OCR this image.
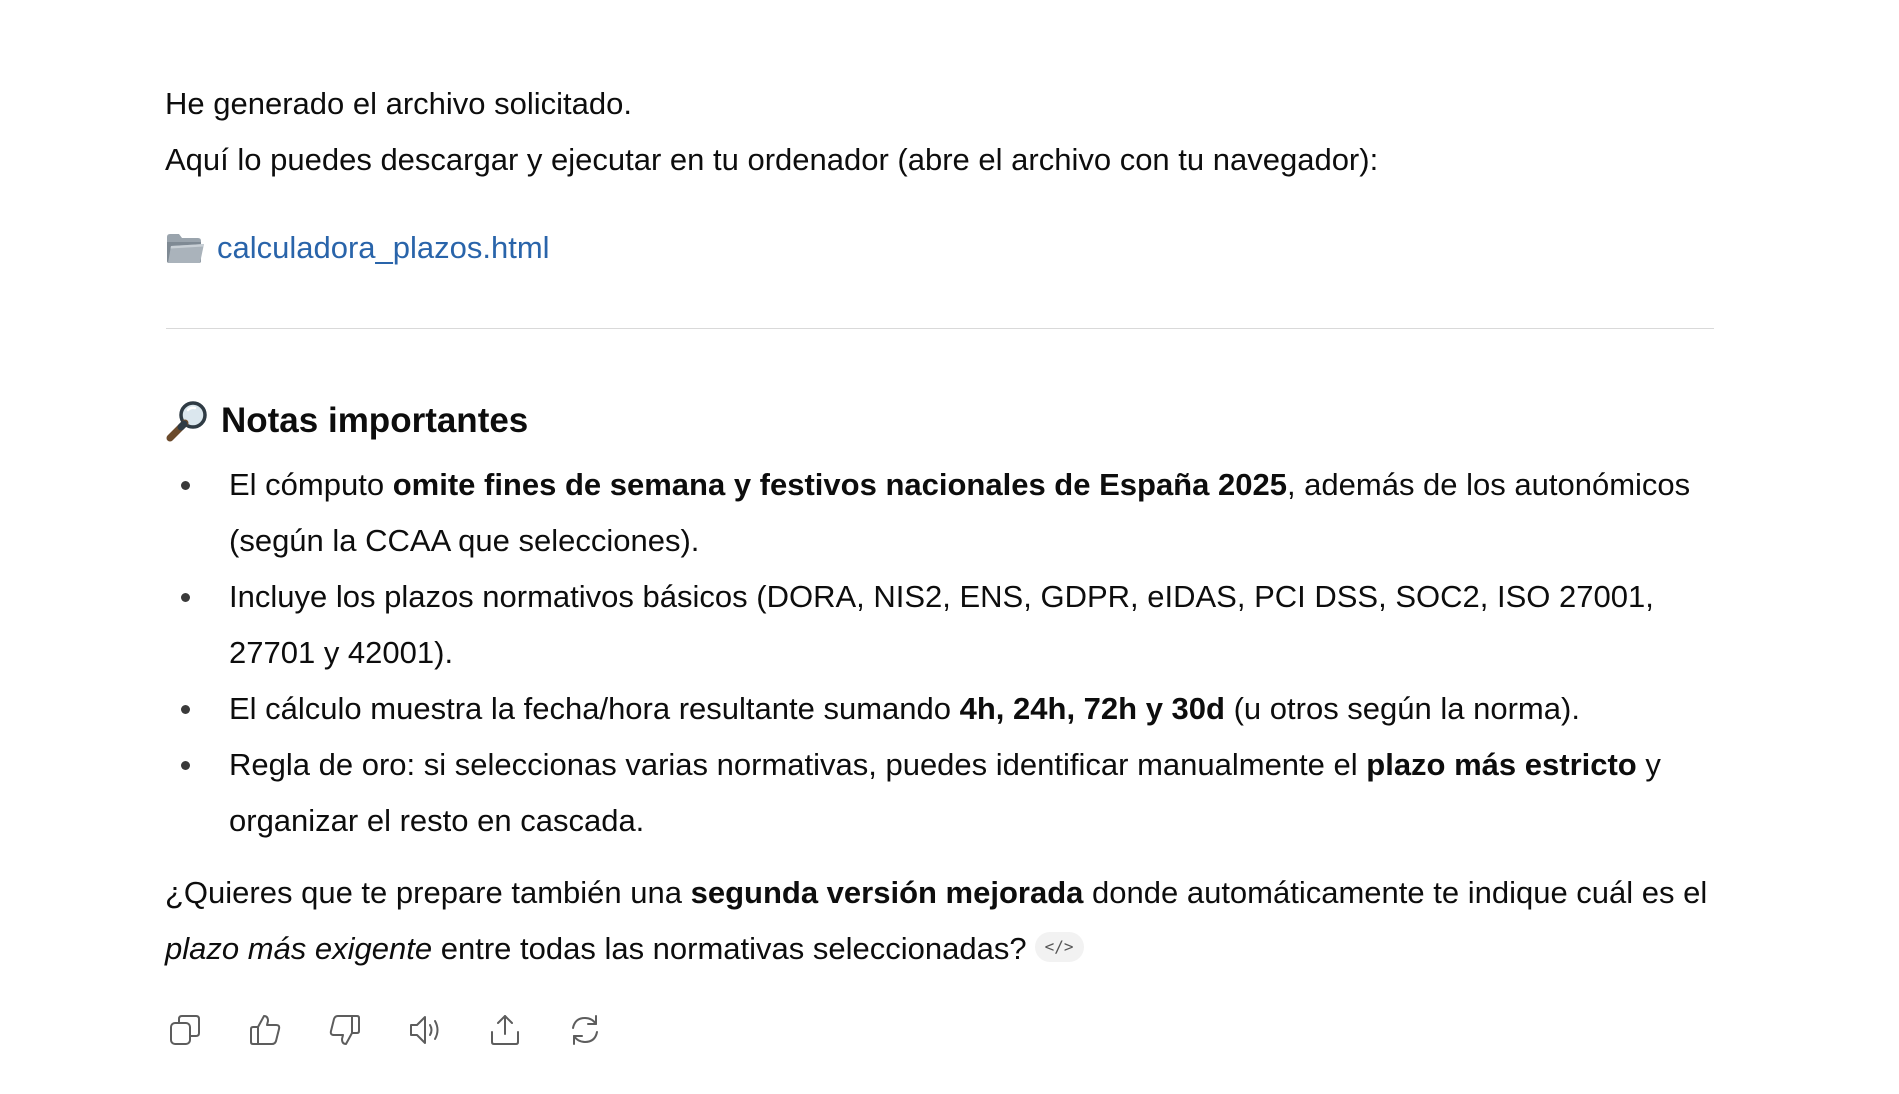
He generado el archivo solicitado.

Aquí lo puedes descargar y ejecutar en tu ordenador (abre el archivo con tu navegador):

calculadora_plazos.html
Notas importantes
El cómputo omite fines de semana y festivos nacionales de España 2025, además de los autonómicos (según la CCAA que selecciones).
Incluye los plazos normativos básicos (DORA, NIS2, ENS, GDPR, eIDAS, PCI DSS, SOC2, ISO 27001, 27701 y 42001).
El cálculo muestra la fecha/hora resultante sumando 4h, 24h, 72h y 30d (u otros según la norma).
Regla de oro: si seleccionas varias normativas, puedes identificar manualmente el plazo más estricto y organizar el resto en cascada.

¿Quieres que te prepare también una segunda versión mejorada donde automáticamente te indique cuál es el plazo más exigente entre todas las normativas seleccionadas? </>
